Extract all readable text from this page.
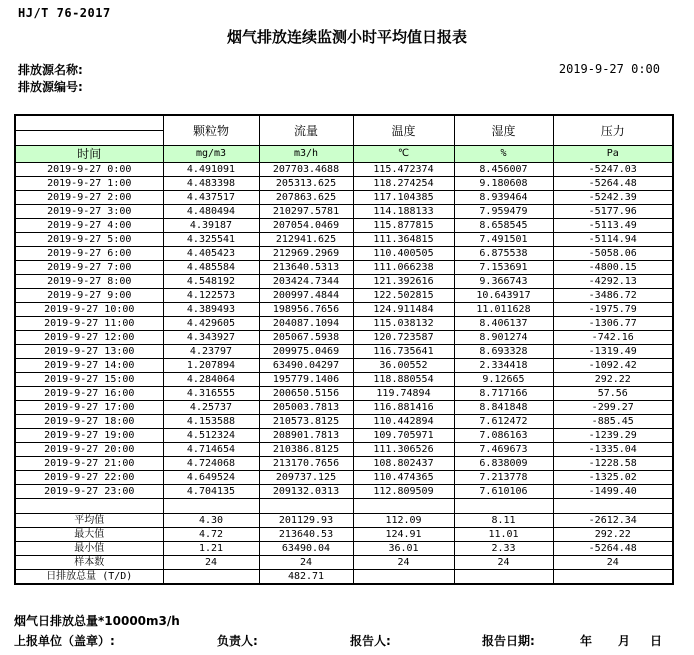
HJ/T 76-2017
烟气排放连续监测小时平均值日报表
排放源名称:
排放源编号:
2019-9-27 0:00
	颗粒物	流量	温度	湿度	压力

时间	mg/m3	m3/h	℃	%	Pa
2019-9-27 0:00	4.491091	207703.4688	115.472374	8.456007	-5247.03
2019-9-27 1:00	4.483398	205313.625	118.274254	9.180608	-5264.48
2019-9-27 2:00	4.437517	207863.625	117.104385	8.939464	-5242.39
2019-9-27 3:00	4.480494	210297.5781	114.188133	7.959479	-5177.96
2019-9-27 4:00	4.39187	207054.0469	115.877815	8.658545	-5113.49
2019-9-27 5:00	4.325541	212941.625	111.364815	7.491501	-5114.94
2019-9-27 6:00	4.405423	212969.2969	110.400505	6.875538	-5058.06
2019-9-27 7:00	4.485584	213640.5313	111.066238	7.153691	-4800.15
2019-9-27 8:00	4.548192	203424.7344	121.392616	9.366743	-4292.13
2019-9-27 9:00	4.122573	200997.4844	122.502815	10.643917	-3486.72
2019-9-27 10:00	4.389493	198956.7656	124.911484	11.011628	-1975.79
2019-9-27 11:00	4.429605	204087.1094	115.038132	8.406137	-1306.77
2019-9-27 12:00	4.343927	205067.5938	120.723587	8.901274	-742.16
2019-9-27 13:00	4.23797	209975.0469	116.735641	8.693328	-1319.49
2019-9-27 14:00	1.207894	63490.04297	36.00552	2.334418	-1092.42
2019-9-27 15:00	4.284064	195779.1406	118.880554	9.12665	292.22
2019-9-27 16:00	4.316555	200650.5156	119.74894	8.717166	57.56
2019-9-27 17:00	4.25737	205003.7813	116.881416	8.841848	-299.27
2019-9-27 18:00	4.153588	210573.8125	110.442894	7.612472	-885.45
2019-9-27 19:00	4.512324	208901.7813	109.705971	7.086163	-1239.29
2019-9-27 20:00	4.714654	210386.8125	111.306526	7.469673	-1335.04
2019-9-27 21:00	4.724068	213170.7656	108.802437	6.838009	-1228.58
2019-9-27 22:00	4.649524	209737.125	110.474365	7.213778	-1325.02
2019-9-27 23:00	4.704135	209132.0313	112.809509	7.610106	-1499.40

平均值	4.30	201129.93	112.09	8.11	-2612.34
最大值	4.72	213640.53	124.91	11.01	292.22
最小值	1.21	63490.04	36.01	2.33	-5264.48
样本数	24	24	24	24	24
日排放总量 (T/D)		482.71			
烟气日排放总量*10000m3/h
上报单位（盖章）:	负责人:	报告人:	报告日期:	年 月 日
